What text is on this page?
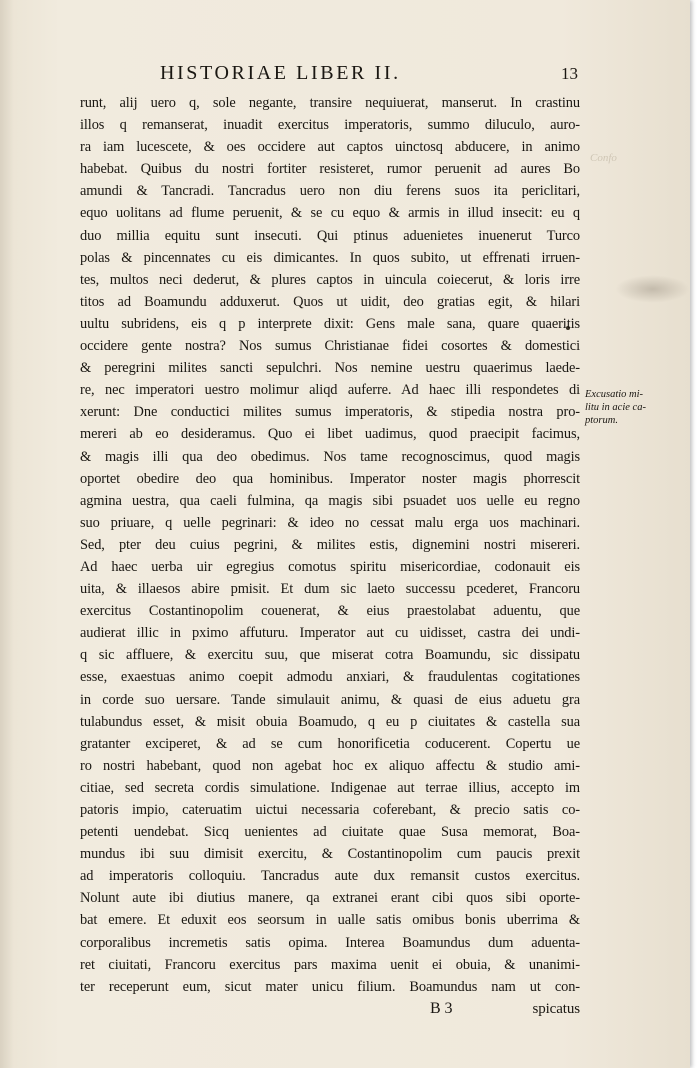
HISTORIAE LIBER II.	13
Confo
runt, alij uero q, sole negante, transire nequiuerat, manserut. In crastinu
illos q remanserat, inuadit exercitus imperatoris, summo diluculo, auro-
ra iam lucescete, & oes occidere aut captos uinctosq abducere, in animo
habebat. Quibus du nostri fortiter resisteret, rumor peruenit ad aures Bo
amundi & Tancradi. Tancradus uero non diu ferens suos ita periclitari,
equo uolitans ad flume peruenit, & se cu equo & armis in illud insecit: eu q
duo millia equitu sunt insecuti. Qui ptinus aduenietes inuenerut Turco
polas & pincennates cu eis dimicantes. In quos subito, ut effrenati irruen-
tes, multos neci dederut, & plures captos in uincula coiecerut, & loris irre
titos ad Boamundu adduxerut. Quos ut uidit, deo gratias egit, & hilari
uultu subridens, eis q p interprete dixit: Gens male sana, quare quaeritis
occidere gente nostra? Nos sumus Christianae fidei cosortes & domestici
& peregrini milites sancti sepulchri. Nos nemine uestru quaerimus laede-
re, nec imperatori uestro molimur aliqd auferre. Ad haec illi respondetes di
xerunt: Dne conductici milites sumus imperatoris, & stipedia nostra pro-
mereri ab eo desideramus. Quo ei libet uadimus, quod praecipit facimus,
& magis illi qua deo obedimus. Nos tame recognoscimus, quod magis
oportet obedire deo qua hominibus. Imperator noster magis phorrescit
agmina uestra, qua caeli fulmina, qa magis sibi psuadet uos uelle eu regno
suo priuare, q uelle pegrinari: & ideo no cessat malu erga uos machinari.
Sed, pter deu cuius pegrini, & milites estis, dignemini nostri misereri.
Ad haec uerba uir egregius comotus spiritu misericordiae, codonauit eis
uita, & illaesos abire pmisit. Et dum sic laeto successu pcederet, Francoru
exercitus Costantinopolim couenerat, & eius praestolabat aduentu, que
audierat illic in pximo affuturu. Imperator aut cu uidisset, castra dei undi-
q sic affluere, & exercitu suu, que miserat cotra Boamundu, sic dissipatu
esse, exaestuas animo coepit admodu anxiari, & fraudulentas cogitationes
in corde suo uersare. Tande simulauit animu, & quasi de eius aduetu gra
tulabundus esset, & misit obuia Boamudo, q eu p ciuitates & castella sua
gratanter exciperet, & ad se cum honorificetia coducerent. Copertu ue
ro nostri habebant, quod non agebat hoc ex aliquo affectu & studio ami-
citiae, sed secreta cordis simulatione. Indigenae aut terrae illius, accepto im
patoris impio, cateruatim uictui necessaria coferebant, & precio satis co-
petenti uendebat. Sicq uenientes ad ciuitate quae Susa memorat, Boa-
mundus ibi suu dimisit exercitu, & Costantinopolim cum paucis prexit
ad imperatoris colloquiu. Tancradus aute dux remansit custos exercitus.
Nolunt aute ibi diutius manere, qa extranei erant cibi quos sibi oporte-
bat emere. Et eduxit eos seorsum in ualle satis omibus bonis uberrima &
corporalibus incremetis satis opima. Interea Boamundus dum aduenta-
ret ciuitati, Francoru exercitus pars maxima uenit ei obuia, & unanimi-
ter receperunt eum, sicut mater unicu filium. Boamundus nam ut con-
B 3	spicatus
Excusatio mi-
litu in acie ca-
ptorum.
